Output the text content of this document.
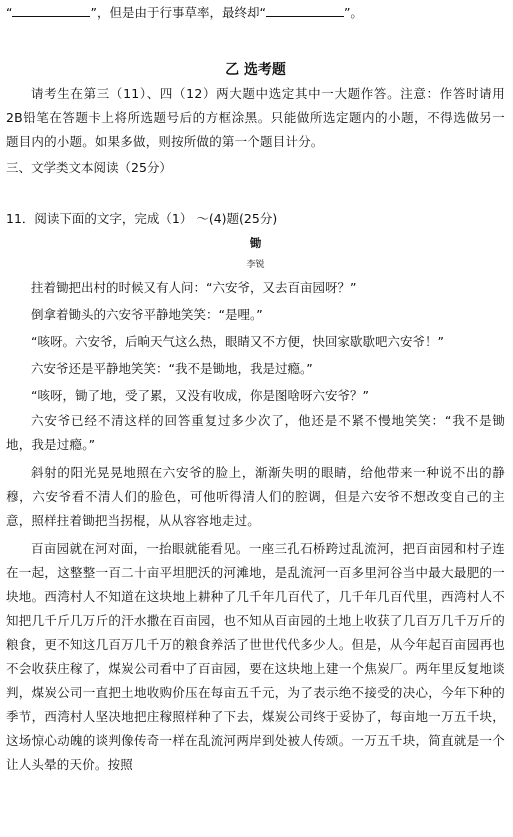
“	”，但是由于行事草率，最终却“	”。

乙 选考题

请考生在第三（11）、四（12）两大题中选定其中一大题作答。注意：作答时请用2B铅笔在答题卡上将所选题号后的方框涂黑。只能做所选定题内的小题，不得选做另一题目内的小题。如果多做，则按所做的第一个题目计分。

三、文学类文本阅读（25分）

11．阅读下面的文字，完成（1） ～(4)题(25分)

锄

李锐

拄着锄把出村的时候又有人问：“六安爷，又去百亩园呀？”

倒拿着锄头的六安爷平静地笑笑：“是哩。”

“咳呀。六安爷，后晌天气这么热，眼睛又不方便，快回家歇歇吧六安爷！”

六安爷还是平静地笑笑：“我不是锄地，我是过瘾。”

“咳呀，锄了地，受了累，又没有收成，你是图啥呀六安爷？”

六安爷已经不清这样的回答重复过多少次了，他还是不紧不慢地笑笑：“我不是锄地，我是过瘾。”

斜射的阳光晃晃地照在六安爷的脸上，渐渐失明的眼睛，给他带来一种说不出的静穆，六安爷看不清人们的脸色，可他听得清人们的腔调，但是六安爷不想改变自己的主意，照样拄着锄把当拐棍，从从容容地走过。

百亩园就在河对面，一抬眼就能看见。一座三孔石桥跨过乱流河，把百亩园和村子连在一起，这整整一百二十亩平坦肥沃的河滩地，是乱流河一百多里河谷当中最大最肥的一块地。西湾村人不知道在这块地上耕种了几千年几百代了，几千年几百代里，西湾村人不知把几千斤几万斤的汗水撒在百亩园，也不知从百亩园的土地上收获了几百万几千万斤的粮食，更不知这几百万几千万的粮食养活了世世代代多少人。但是，从今年起百亩园再也不会收获庄稼了，煤炭公司看中了百亩园，要在这块地上建一个焦炭厂。两年里反复地谈判，煤炭公司一直把土地收购价压在每亩五千元，为了表示绝不接受的决心，今年下种的季节，西湾村人坚决地把庄稼照样种了下去，煤炭公司终于妥协了，每亩地一万五千块，这场惊心动魄的谈判像传奇一样在乱流河两岸到处被人传颂。一万五千块，简直就是一个让人头晕的天价。按照
